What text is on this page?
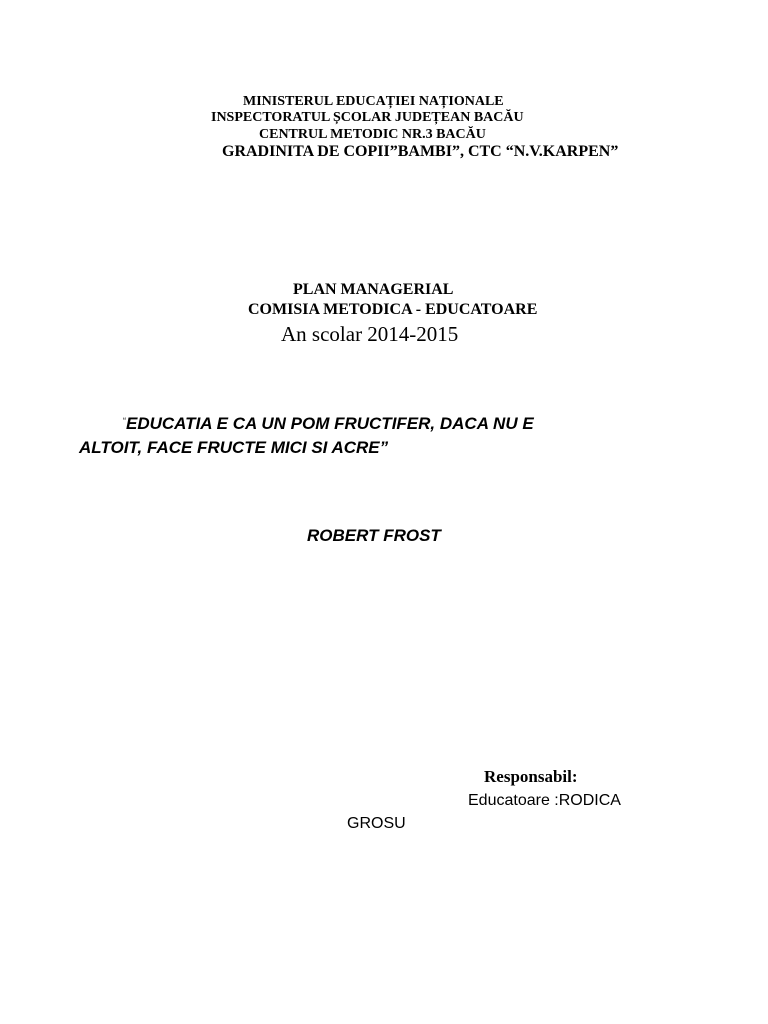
MINISTERUL EDUCAȚIEI NAȚIONALE
INSPECTORATUL ȘCOLAR JUDEȚEAN BACĂU
CENTRUL METODIC NR.3 BACĂU
GRADINITA DE COPII”BAMBI”, CTC “N.V.KARPEN”
PLAN MANAGERIAL
COMISIA METODICA - EDUCATOARE
An scolar 2014-2015
“EDUCATIA E CA UN POM FRUCTIFER, DACA NU E
ALTOIT, FACE FRUCTE MICI SI ACRE”
ROBERT FROST
Responsabil:
Educatoare :RODICA
GROSU
